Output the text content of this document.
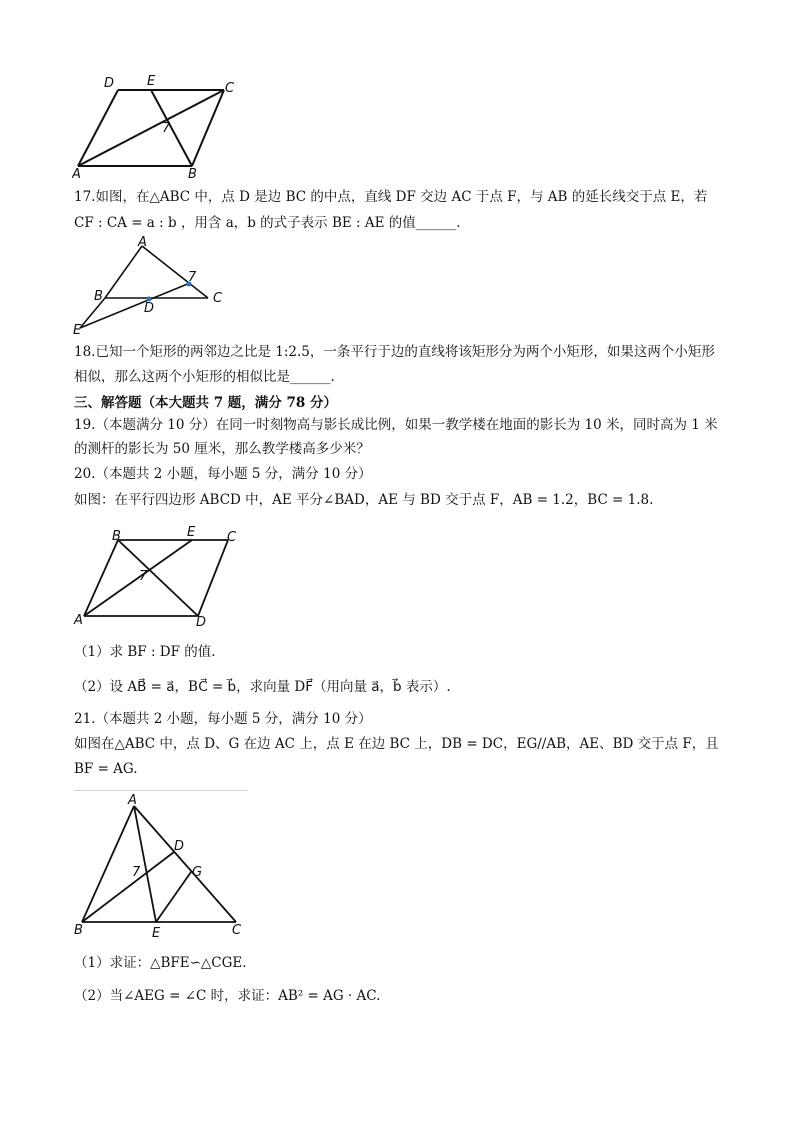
D	E	C
7
A	B
17.如图，在△ABC 中，点 D 是边 BC 的中点，直线 DF 交边 AC 于点 F，与 AB 的延长线交于点 E，若
CF : CA = a : b ，用含 a，b 的式子表示 BE : AE 的值______.
A
B
7
C
D
E
18.已知一个矩形的两邻边之比是 1:2.5，一条平行于边的直线将该矩形分为两个小矩形，如果这两个小矩形
相似，那么这两个小矩形的相似比是______.
三、解答题（本大题共 7 题，满分 78 分）
19.（本题满分 10 分）在同一时刻物高与影长成比例，如果一教学楼在地面的影长为 10 米，同时高为 1 米
的测杆的影长为 50 厘米，那么教学楼高多少米？
20.（本题共 2 小题，每小题 5 分，满分 10 分）
如图：在平行四边形 ABCD 中，AE 平分∠BAD，AE 与 BD 交于点 F，AB = 1.2，BC = 1.8.
B	E C
7
A	D
（1）求 BF : DF 的值.
（2）设 AB⃗ = a⃗，BC⃗ = b⃗，求向量 DF⃗（用向量 a⃗，b⃗ 表示）.
21.（本题共 2 小题，每小题 5 分，满分 10 分）
如图在△ABC 中，点 D、G 在边 AC 上，点 E 在边 BC 上，DB = DC，EG//AB，AE、BD 交于点 F，且
BF = AG.
A
D
G
7
B	E	C
（1）求证：△BFE∽△CGE.
（2）当∠AEG = ∠C 时，求证：AB² = AG · AC.
